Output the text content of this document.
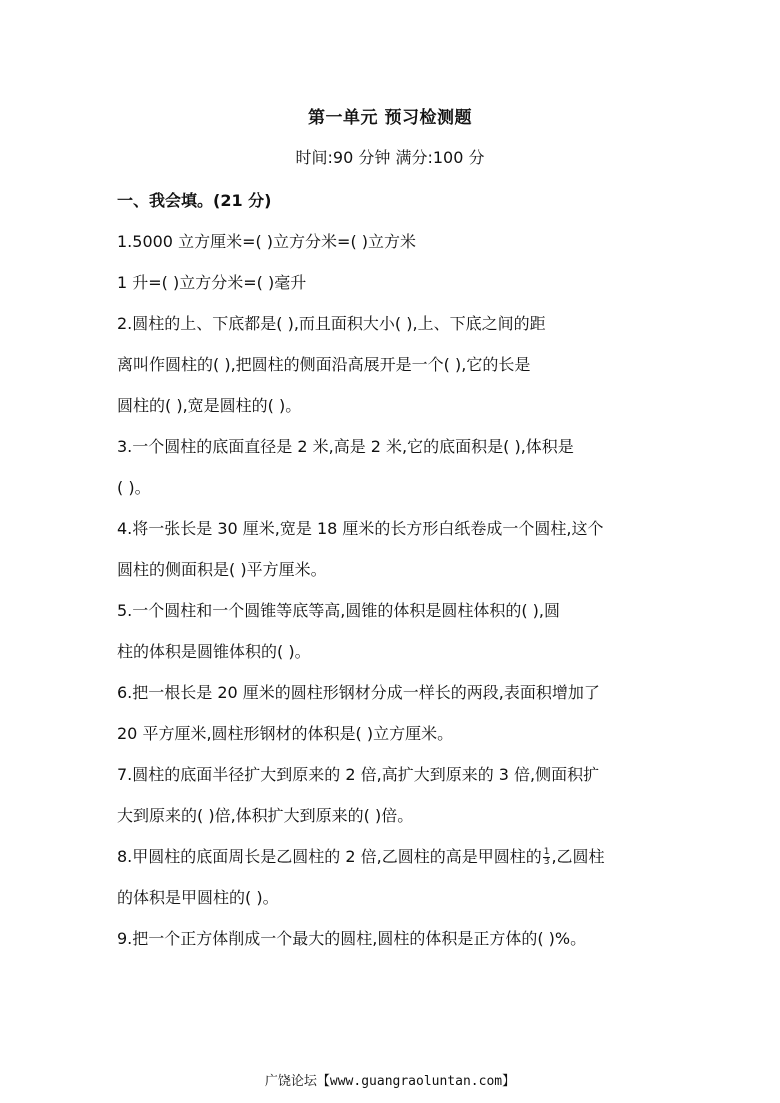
第一单元 预习检测题
时间:90 分钟 满分:100 分
一、我会填。(21 分)
1.5000 立方厘米=( )立方分米=( )立方米
1 升=( )立方分米=( )毫升
2.圆柱的上、下底都是( ),而且面积大小( ),上、下底之间的距
离叫作圆柱的( ),把圆柱的侧面沿高展开是一个( ),它的长是
圆柱的( ),宽是圆柱的( )。
3.一个圆柱的底面直径是 2 米,高是 2 米,它的底面积是( ),体积是
( )。
4.将一张长是 30 厘米,宽是 18 厘米的长方形白纸卷成一个圆柱,这个
圆柱的侧面积是( )平方厘米。
5.一个圆柱和一个圆锥等底等高,圆锥的体积是圆柱体积的( ),圆
柱的体积是圆锥体积的( )。
6.把一根长是 20 厘米的圆柱形钢材分成一样长的两段,表面积增加了
20 平方厘米,圆柱形钢材的体积是( )立方厘米。
7.圆柱的底面半径扩大到原来的 2 倍,高扩大到原来的 3 倍,侧面积扩
大到原来的( )倍,体积扩大到原来的( )倍。
8.甲圆柱的底面周长是乙圆柱的 2 倍,乙圆柱的高是甲圆柱的 $\frac{1}{3}$ ,乙圆柱
的体积是甲圆柱的( )。
9.把一个正方体削成一个最大的圆柱,圆柱的体积是正方体的( )%。
广饶论坛【www.guangraoluntan.com】
